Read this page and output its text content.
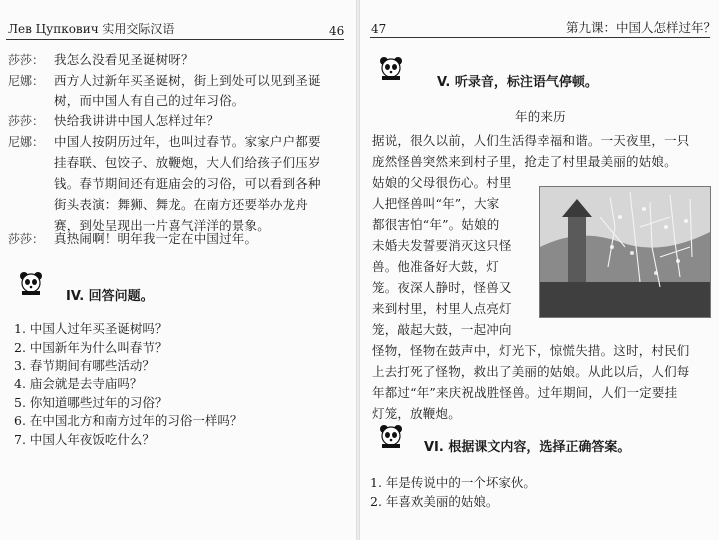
Лев Цупкович 实用交际汉语	46
莎莎： 我怎么没看见圣诞树呀？
尼娜： 西方人过新年买圣诞树，街上到处可以见到圣诞
树，而中国人有自己的过年习俗。
莎莎： 快给我讲讲中国人怎样过年？
尼娜： 中国人按阴历过年，也叫过春节。家家户户都要
挂春联、包饺子、放鞭炮，大人们给孩子们压岁
钱。春节期间还有逛庙会的习俗，可以看到各种
街头表演：舞狮、舞龙。在南方还要举办龙舟
赛，到处呈现出一片喜气洋洋的景象。
莎莎： 真热闹啊！明年我一定在中国过年。
IV. 回答问题。
1. 中国人过年买圣诞树吗？
2. 中国新年为什么叫春节？
3. 春节期间有哪些活动？
4. 庙会就是去寺庙吗？
5. 你知道哪些过年的习俗？
6. 在中国北方和南方过年的习俗一样吗？
7. 中国人年夜饭吃什么？
47	第九课：中国人怎样过年？
V. 听录音，标注语气停顿。
年的来历
据说，很久以前，人们生活得幸福和谐。一天夜里，一只
庞然怪兽突然来到村子里，抢走了村里最美丽的姑娘。
姑娘的父母很伤心。村里
人把怪兽叫“年”，大家
都很害怕“年”。姑娘的
未婚夫发誓要消灭这只怪
兽。他准备好大鼓，灯
笼。夜深人静时，怪兽又
来到村里，村里人点亮灯
笼，敲起大鼓，一起冲向
怪物，怪物在鼓声中，灯光下，惊慌失措。这时，村民们
上去打死了怪物，救出了美丽的姑娘。从此以后，人们每
年都过“年”来庆祝战胜怪兽。过年期间，人们一定要挂
灯笼，放鞭炮。
VI. 根据课文内容，选择正确答案。
1. 年是传说中的一个坏家伙。
2. 年喜欢美丽的姑娘。
